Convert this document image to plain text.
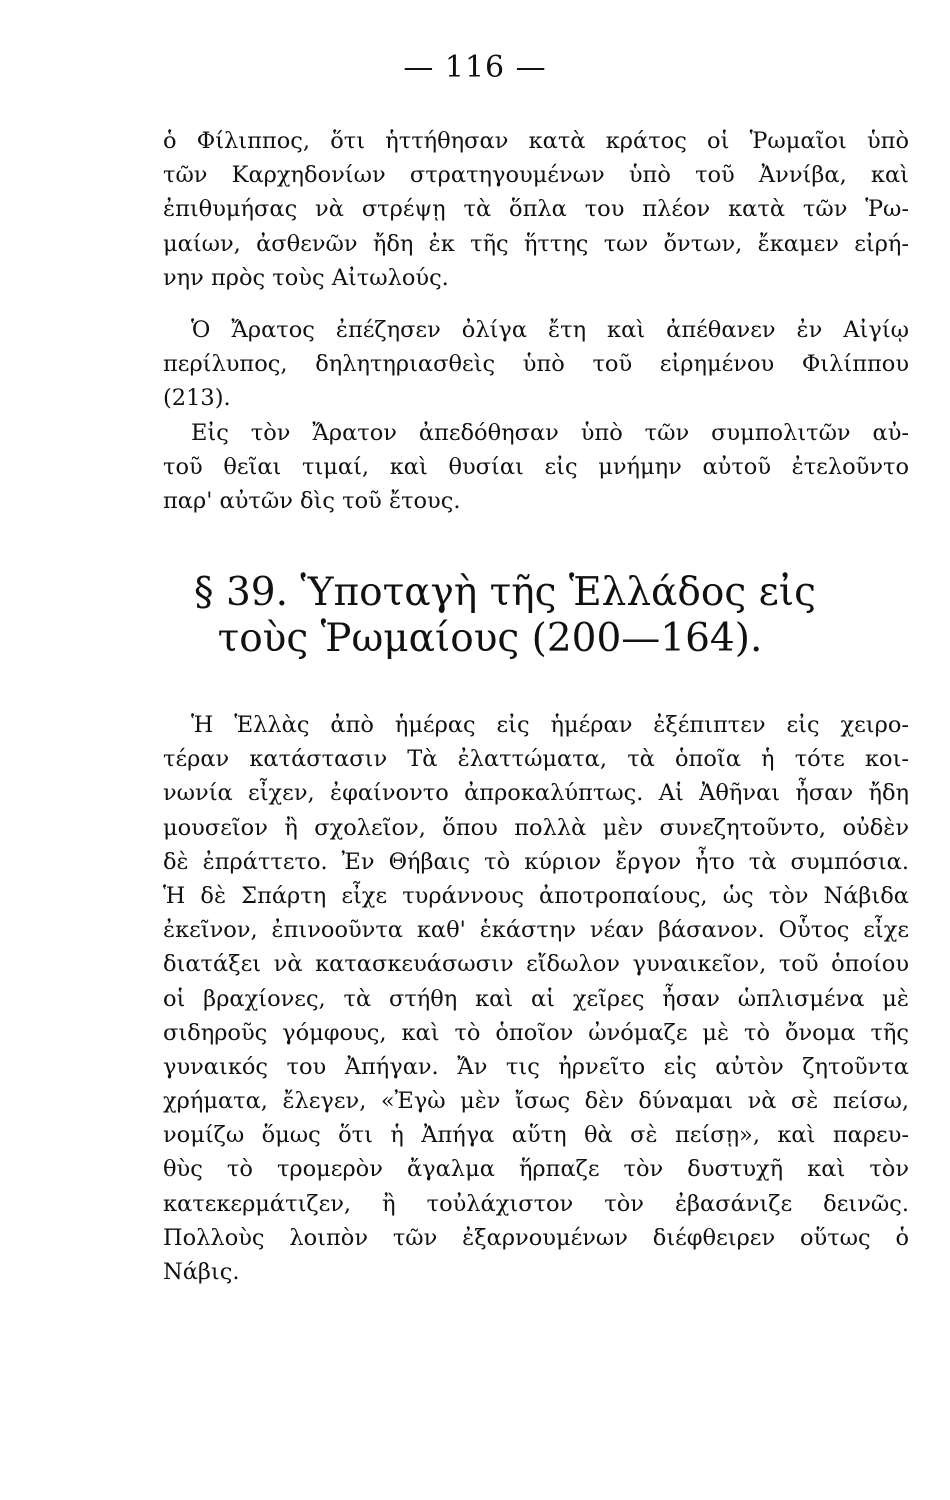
— 116 —
ὁ Φίλιππος, ὅτι ἡττήθησαν κατὰ κράτος οἱ Ῥωμαῖοι ὑπὸ
τῶν Καρχηδονίων στρατηγουμένων ὑπὸ τοῦ Ἀννίβα, καὶ
ἐπιθυμήσας νὰ στρέψῃ τὰ ὅπλα του πλέον κατὰ τῶν Ῥω-
μαίων, ἀσθενῶν ἤδη ἐκ τῆς ἥττης των ὄντων, ἔκαμεν εἰρή-
νην πρὸς τοὺς Αἰτωλούς.
Ὁ Ἄρατος ἐπέζησεν ὀλίγα ἔτη καὶ ἀπέθανεν ἐν Αἰγίῳ
περίλυπος, δηλητηριασθεὶς ὑπὸ τοῦ εἰρημένου Φιλίππου
(213).
Εἰς τὸν Ἄρατον ἀπεδόθησαν ὑπὸ τῶν συμπολιτῶν αὐ-
τοῦ θεῖαι τιμαί, καὶ θυσίαι εἰς μνήμην αὐτοῦ ἐτελοῦντο
παρ' αὐτῶν δὶς τοῦ ἔτους.
§ 39. Ὑποταγὴ τῆς Ἑλλάδος εἰς
τοὺς Ῥωμαίους (200—164).
Ἡ Ἑλλὰς ἀπὸ ἡμέρας εἰς ἡμέραν ἐξέπιπτεν εἰς χειρο-
τέραν κατάστασιν Τὰ ἐλαττώματα, τὰ ὁποῖα ἡ τότε κοι-
νωνία εἶχεν, ἐφαίνοντο ἀπροκαλύπτως. Αἱ Ἀθῆναι ἦσαν ἤδη
μουσεῖον ἢ σχολεῖον, ὅπου πολλὰ μὲν συνεζητοῦντο, οὐδὲν
δὲ ἐπράττετο. Ἐν Θήβαις τὸ κύριον ἔργον ἦτο τὰ συμπόσια.
Ἡ δὲ Σπάρτη εἶχε τυράννους ἀποτροπαίους, ὡς τὸν Νάβιδα
ἐκεῖνον, ἐπινοοῦντα καθ' ἑκάστην νέαν βάσανον. Οὗτος εἶχε
διατάξει νὰ κατασκευάσωσιν εἴδωλον γυναικεῖον, τοῦ ὁποίου
οἱ βραχίονες, τὰ στήθη καὶ αἱ χεῖρες ἦσαν ὡπλισμένα μὲ
σιδηροῦς γόμφους, καὶ τὸ ὁποῖον ὠνόμαζε μὲ τὸ ὄνομα τῆς
γυναικός του Ἀπήγαν. Ἄν τις ἠρνεῖτο εἰς αὐτὸν ζητοῦντα
χρήματα, ἔλεγεν, «Ἐγὼ μὲν ἴσως δὲν δύναμαι νὰ σὲ πείσω,
νομίζω ὅμως ὅτι ἡ Ἀπήγα αὕτη θὰ σὲ πείσῃ», καὶ παρευ-
θὺς τὸ τρομερὸν ἄγαλμα ἥρπαζε τὸν δυστυχῆ καὶ τὸν
κατεκερμάτιζεν, ἢ τοὐλάχιστον τὸν ἐβασάνιζε δεινῶς.
Πολλοὺς λοιπὸν τῶν ἐξαρνουμένων διέφθειρεν οὕτως ὁ
Νάβις.
